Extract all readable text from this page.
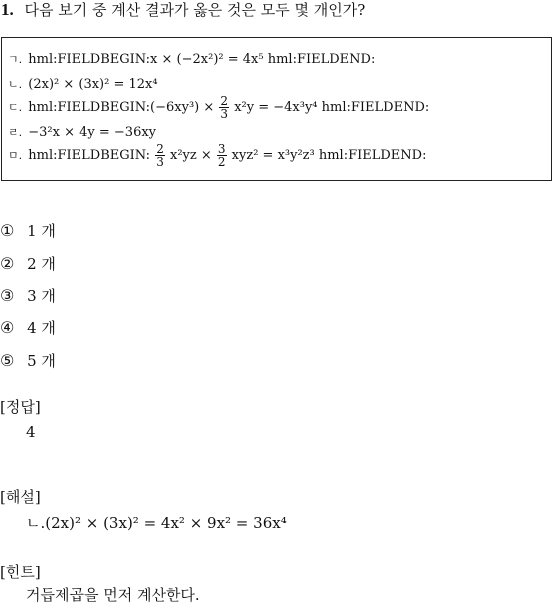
1. 다음 보기 중 계산 결과가 옳은 것은 모두 몇 개인가?
ㄱ. hml:FIELDBEGIN:x × (−2x²)² = 4x⁵ hml:FIELDEND:
ㄴ. (2x)² × (3x)² = 12x⁴
ㄷ. hml:FIELDBEGIN:(−6xy³) × $\frac{2}{3} x^2y = -4x^3y^4$ hml:FIELDEND:
ㄹ. −3²x × 4y = −36xy
ㅁ. hml:FIELDBEGIN: $\frac{2}{3} x^2yz \times \frac{3}{2} xyz^2 = x^3y^2z^3$ hml:FIELDEND:
① 1 개
② 2 개
③ 3 개
④ 4 개
⑤ 5 개
[정답]
4
[해설]
ㄴ.(2x)² × (3x)² = 4x² × 9x² = 36x⁴
[힌트]
거듭제곱을 먼저 계산한다.
